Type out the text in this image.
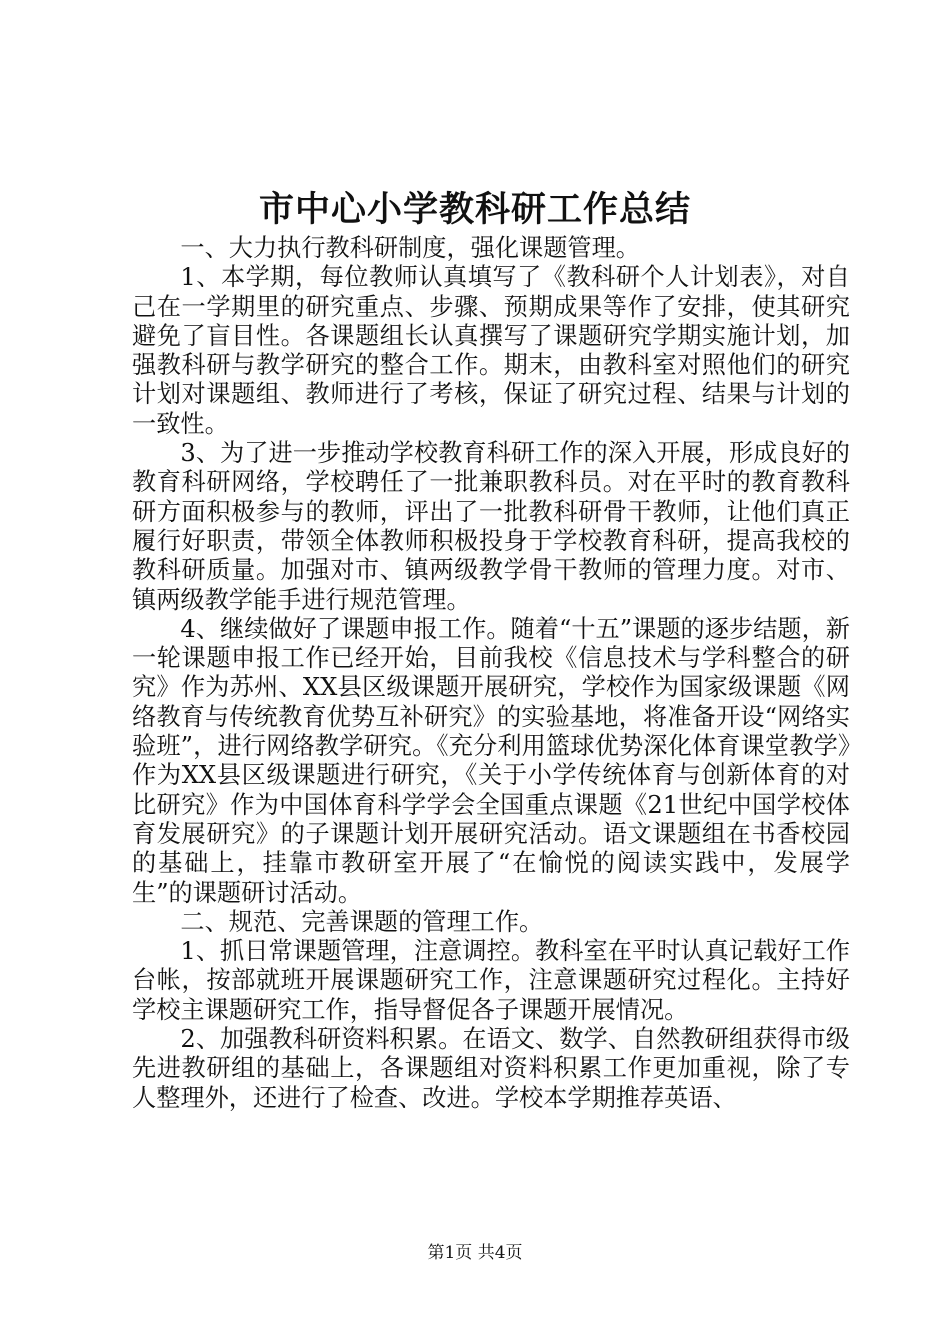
市中心小学教科研工作总结

一、大力执行教科研制度，强化课题管理。

1、本学期，每位教师认真填写了《教科研个人计划表》，对自己在一学期里的研究重点、步骤、预期成果等作了安排，使其研究避免了盲目性。各课题组长认真撰写了课题研究学期实施计划，加强教科研与教学研究的整合工作。期末，由教科室对照他们的研究计划对课题组、教师进行了考核，保证了研究过程、结果与计划的一致性。

3、为了进一步推动学校教育科研工作的深入开展，形成良好的教育科研网络，学校聘任了一批兼职教科员。对在平时的教育教科研方面积极参与的教师，评出了一批教科研骨干教师，让他们真正履行好职责，带领全体教师积极投身于学校教育科研，提高我校的教科研质量。加强对市、镇两级教学骨干教师的管理力度。对市、镇两级教学能手进行规范管理。

4、继续做好了课题申报工作。随着“十五”课题的逐步结题，新一轮课题申报工作已经开始，目前我校《信息技术与学科整合的研究》作为苏州、XX县区级课题开展研究，学校作为国家级课题《网络教育与传统教育优势互补研究》的实验基地，将准备开设“网络实验班”，进行网络教学研究。《充分利用篮球优势深化体育课堂教学》作为XX县区级课题进行研究，《关于小学传统体育与创新体育的对比研究》作为中国体育科学学会全国重点课题《21世纪中国学校体育发展研究》的子课题计划开展研究活动。语文课题组在书香校园的基础上，挂靠市教研室开展了“在愉悦的阅读实践中，发展学生”的课题研讨活动。

二、规范、完善课题的管理工作。

1、抓日常课题管理，注意调控。教科室在平时认真记载好工作台帐，按部就班开展课题研究工作，注意课题研究过程化。主持好学校主课题研究工作，指导督促各子课题开展情况。

2、加强教科研资料积累。在语文、数学、自然教研组获得市级先进教研组的基础上，各课题组对资料积累工作更加重视，除了专人整理外，还进行了检查、改进。学校本学期推荐英语、

第1页 共4页
